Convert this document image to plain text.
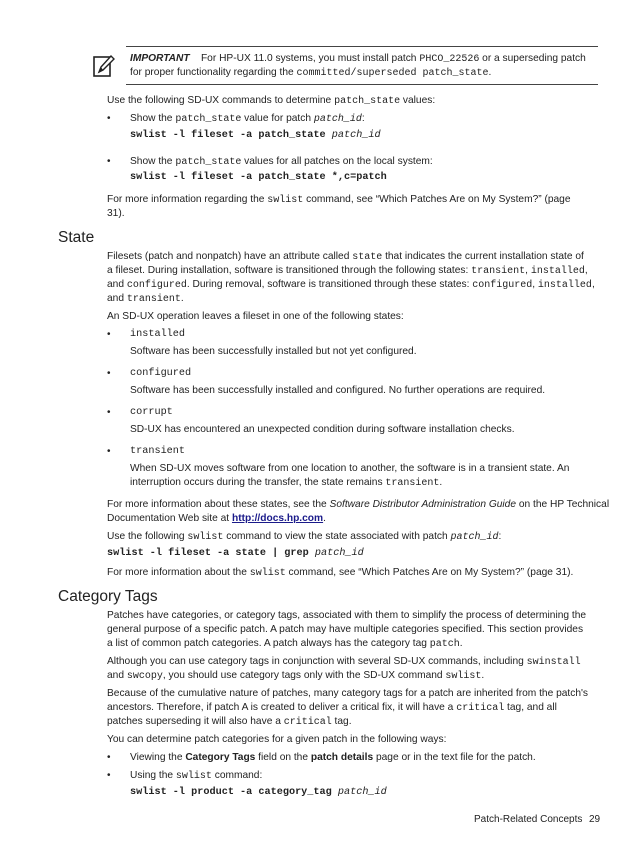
IMPORTANT For HP-UX 11.0 systems, you must install patch PHCO_22526 or a superseding patch
for proper functionality regarding the committed/superseded patch_state.
Use the following SD-UX commands to determine patch_state values:
• Show the patch_state value for patch patch_id:
swlist -l fileset -a patch_state patch_id
• Show the patch_state values for all patches on the local system:
swlist -l fileset -a patch_state *,c=patch
For more information regarding the swlist command, see “Which Patches Are on My System?” (page
31).
State
Filesets (patch and nonpatch) have an attribute called state that indicates the current installation state of
a fileset. During installation, software is transitioned through the following states: transient, installed,
and configured. During removal, software is transitioned through these states: configured, installed,
and transient.
An SD-UX operation leaves a fileset in one of the following states:
• installed
Software has been successfully installed but not yet configured.
• configured
Software has been successfully installed and configured. No further operations are required.
• corrupt
SD-UX has encountered an unexpected condition during software installation checks.
• transient
When SD-UX moves software from one location to another, the software is in a transient state. An
interruption occurs during the transfer, the state remains transient.
For more information about these states, see the Software Distributor Administration Guide on the HP Technical
Documentation Web site at http://docs.hp.com.
Use the following swlist command to view the state associated with patch patch_id:
swlist -l fileset -a state | grep patch_id
For more information about the swlist command, see “Which Patches Are on My System?” (page 31).
Category Tags
Patches have categories, or category tags, associated with them to simplify the process of determining the
general purpose of a specific patch. A patch may have multiple categories specified. This section provides
a list of common patch categories. A patch always has the category tag patch.
Although you can use category tags in conjunction with several SD-UX commands, including swinstall
and swcopy, you should use category tags only with the SD-UX command swlist.
Because of the cumulative nature of patches, many category tags for a patch are inherited from the patch's
ancestors. Therefore, if patch A is created to deliver a critical fix, it will have a critical tag, and all
patches superseding it will also have a critical tag.
You can determine patch categories for a given patch in the following ways:
• Viewing the Category Tags field on the patch details page or in the text file for the patch.
• Using the swlist command:
swlist -l product -a category_tag patch_id
Patch-Related Concepts 29
